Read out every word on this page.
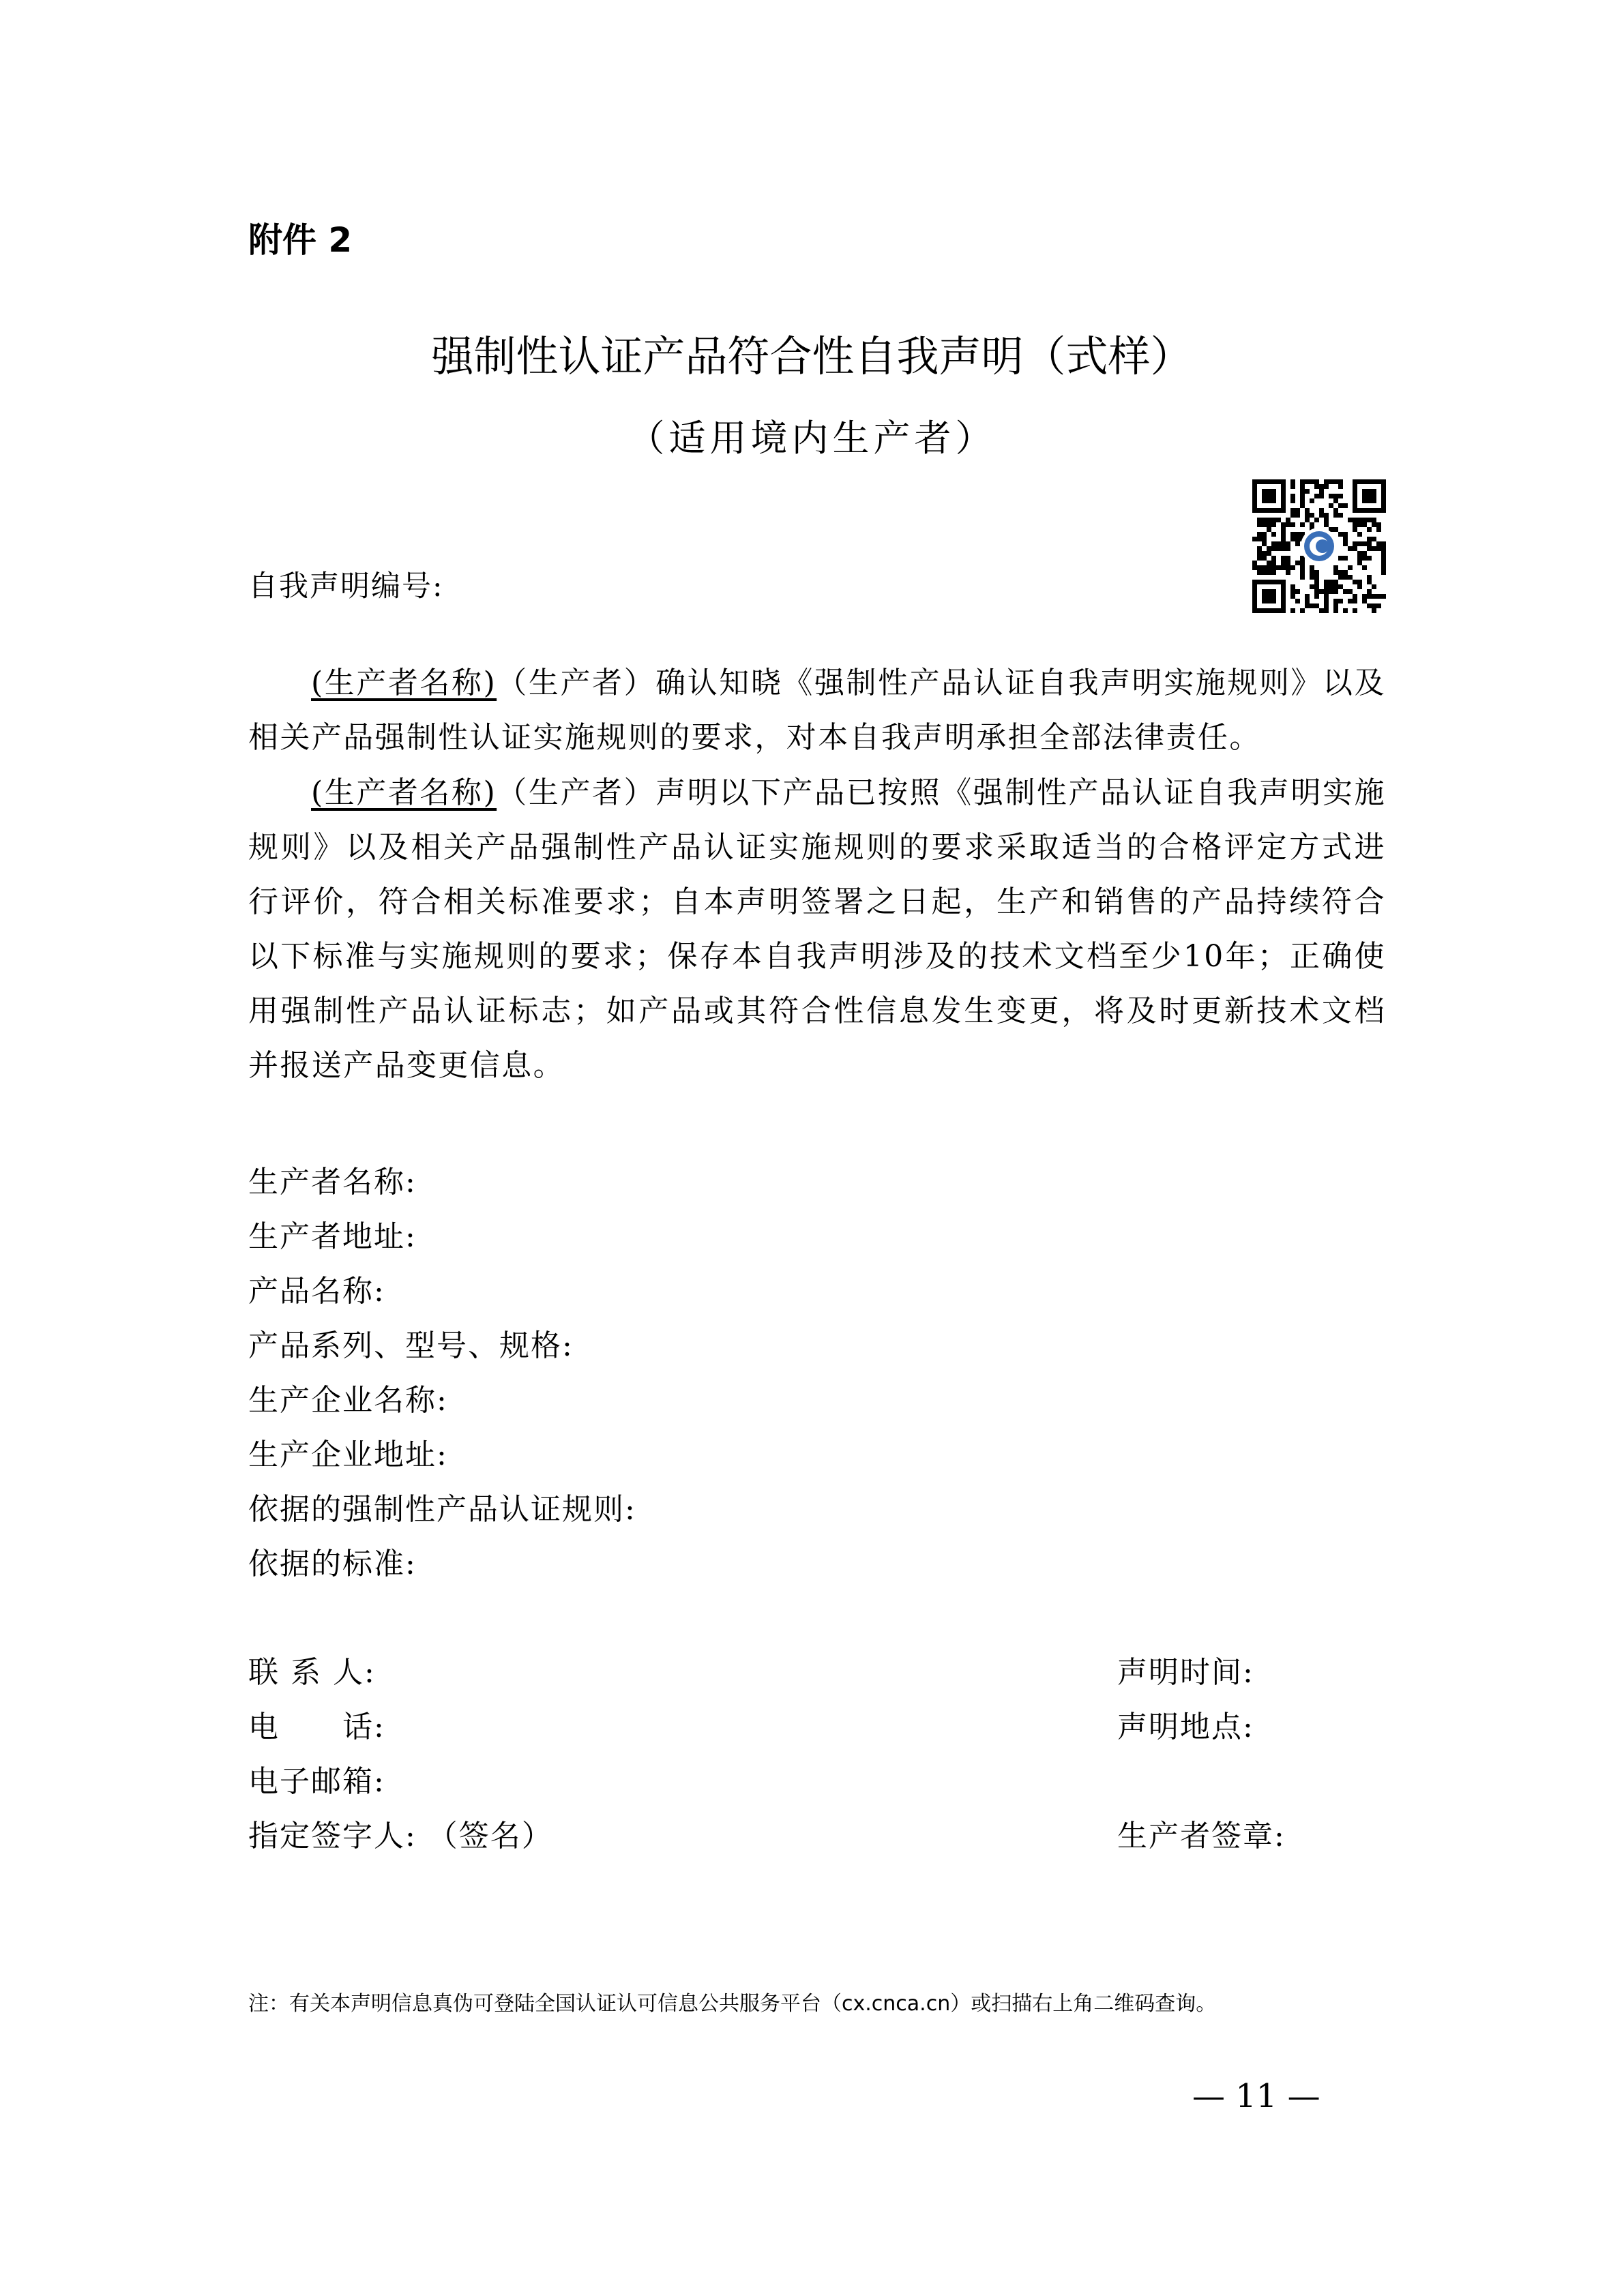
附件 2
强制性认证产品符合性自我声明（式样）
（适用境内生产者）
自我声明编号:

(生产者名称)（生产者）确认知晓《强制性产品认证自我声明实施规则》以及相关产品强制性认证实施规则的要求，对本自我声明承担全部法律责任。

(生产者名称)（生产者）声明以下产品已按照《强制性产品认证自我声明实施规则》以及相关产品强制性产品认证实施规则的要求采取适当的合格评定方式进行评价，符合相关标准要求；自本声明签署之日起，生产和销售的产品持续符合以下标准与实施规则的要求；保存本自我声明涉及的技术文档至少10年；正确使用强制性产品认证标志；如产品或其符合性信息发生变更，将及时更新技术文档并报送产品变更信息。

生产者名称:
生产者地址:
产品名称:
产品系列、型号、规格:
生产企业名称:
生产企业地址:
依据的强制性产品认证规则:
依据的标准:
联 系 人:
电　　话:
电子邮箱:
指定签字人: （签名）
声明时间:
声明地点:
生产者签章:
注：有关本声明信息真伪可登陆全国认证认可信息公共服务平台（cx.cnca.cn）或扫描右上角二维码查询。
— 11 —
